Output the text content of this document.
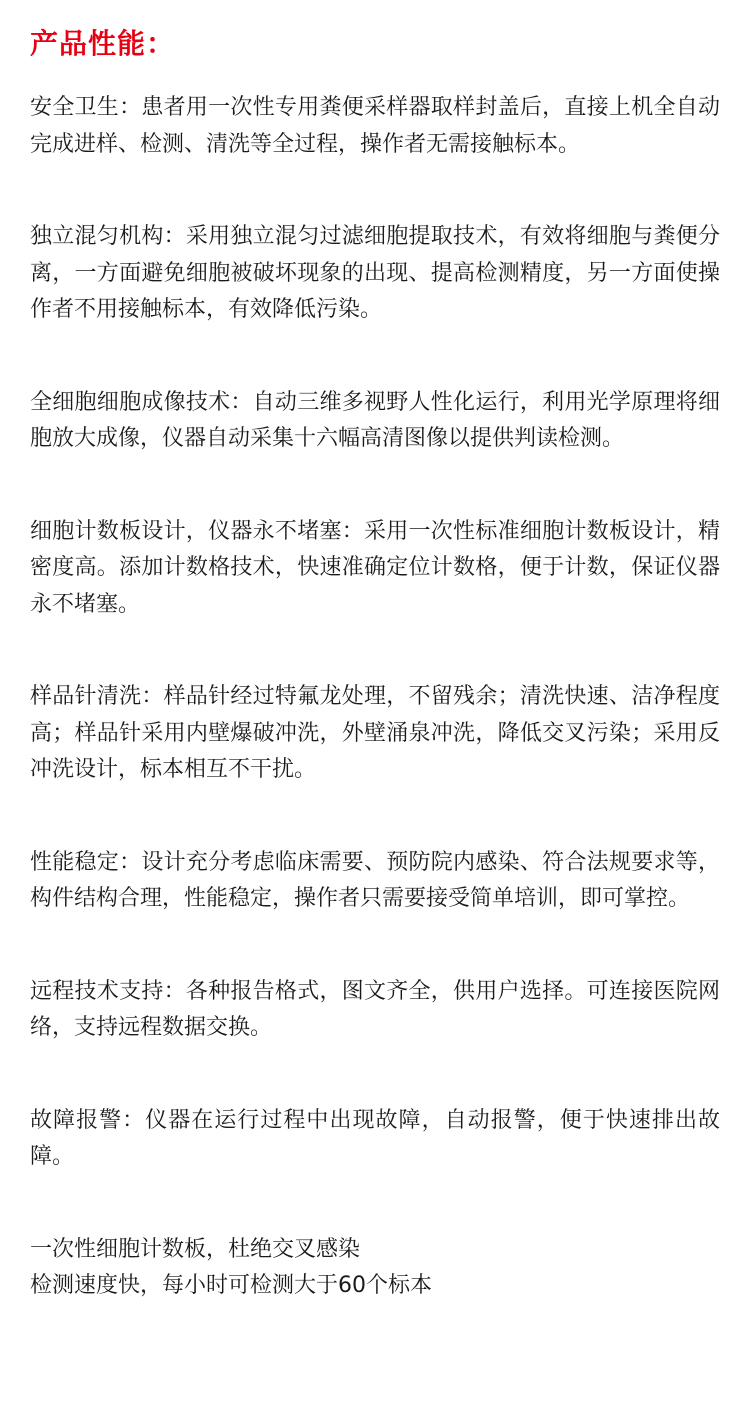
产品性能：

安全卫生：患者用一次性专用粪便采样器取样封盖后，直接上机全自动完成进样、检测、清洗等全过程，操作者无需接触标本。

独立混匀机构：采用独立混匀过滤细胞提取技术，有效将细胞与粪便分离，一方面避免细胞被破坏现象的出现、提高检测精度，另一方面使操作者不用接触标本，有效降低污染。

全细胞细胞成像技术：自动三维多视野人性化运行，利用光学原理将细胞放大成像，仪器自动采集十六幅高清图像以提供判读检测。

细胞计数板设计，仪器永不堵塞：采用一次性标准细胞计数板设计，精密度高。添加计数格技术，快速准确定位计数格，便于计数，保证仪器永不堵塞。

样品针清洗：样品针经过特氟龙处理，不留残余；清洗快速、洁净程度高；样品针采用内壁爆破冲洗，外壁涌泉冲洗，降低交叉污染；采用反冲洗设计，标本相互不干扰。

性能稳定：设计充分考虑临床需要、预防院内感染、符合法规要求等，构件结构合理，性能稳定，操作者只需要接受简单培训，即可掌控。

远程技术支持：各种报告格式，图文齐全，供用户选择。可连接医院网络，支持远程数据交换。

故障报警：仪器在运行过程中出现故障，自动报警，便于快速排出故障。

一次性细胞计数板，杜绝交叉感染

检测速度快，每小时可检测大于60个标本
